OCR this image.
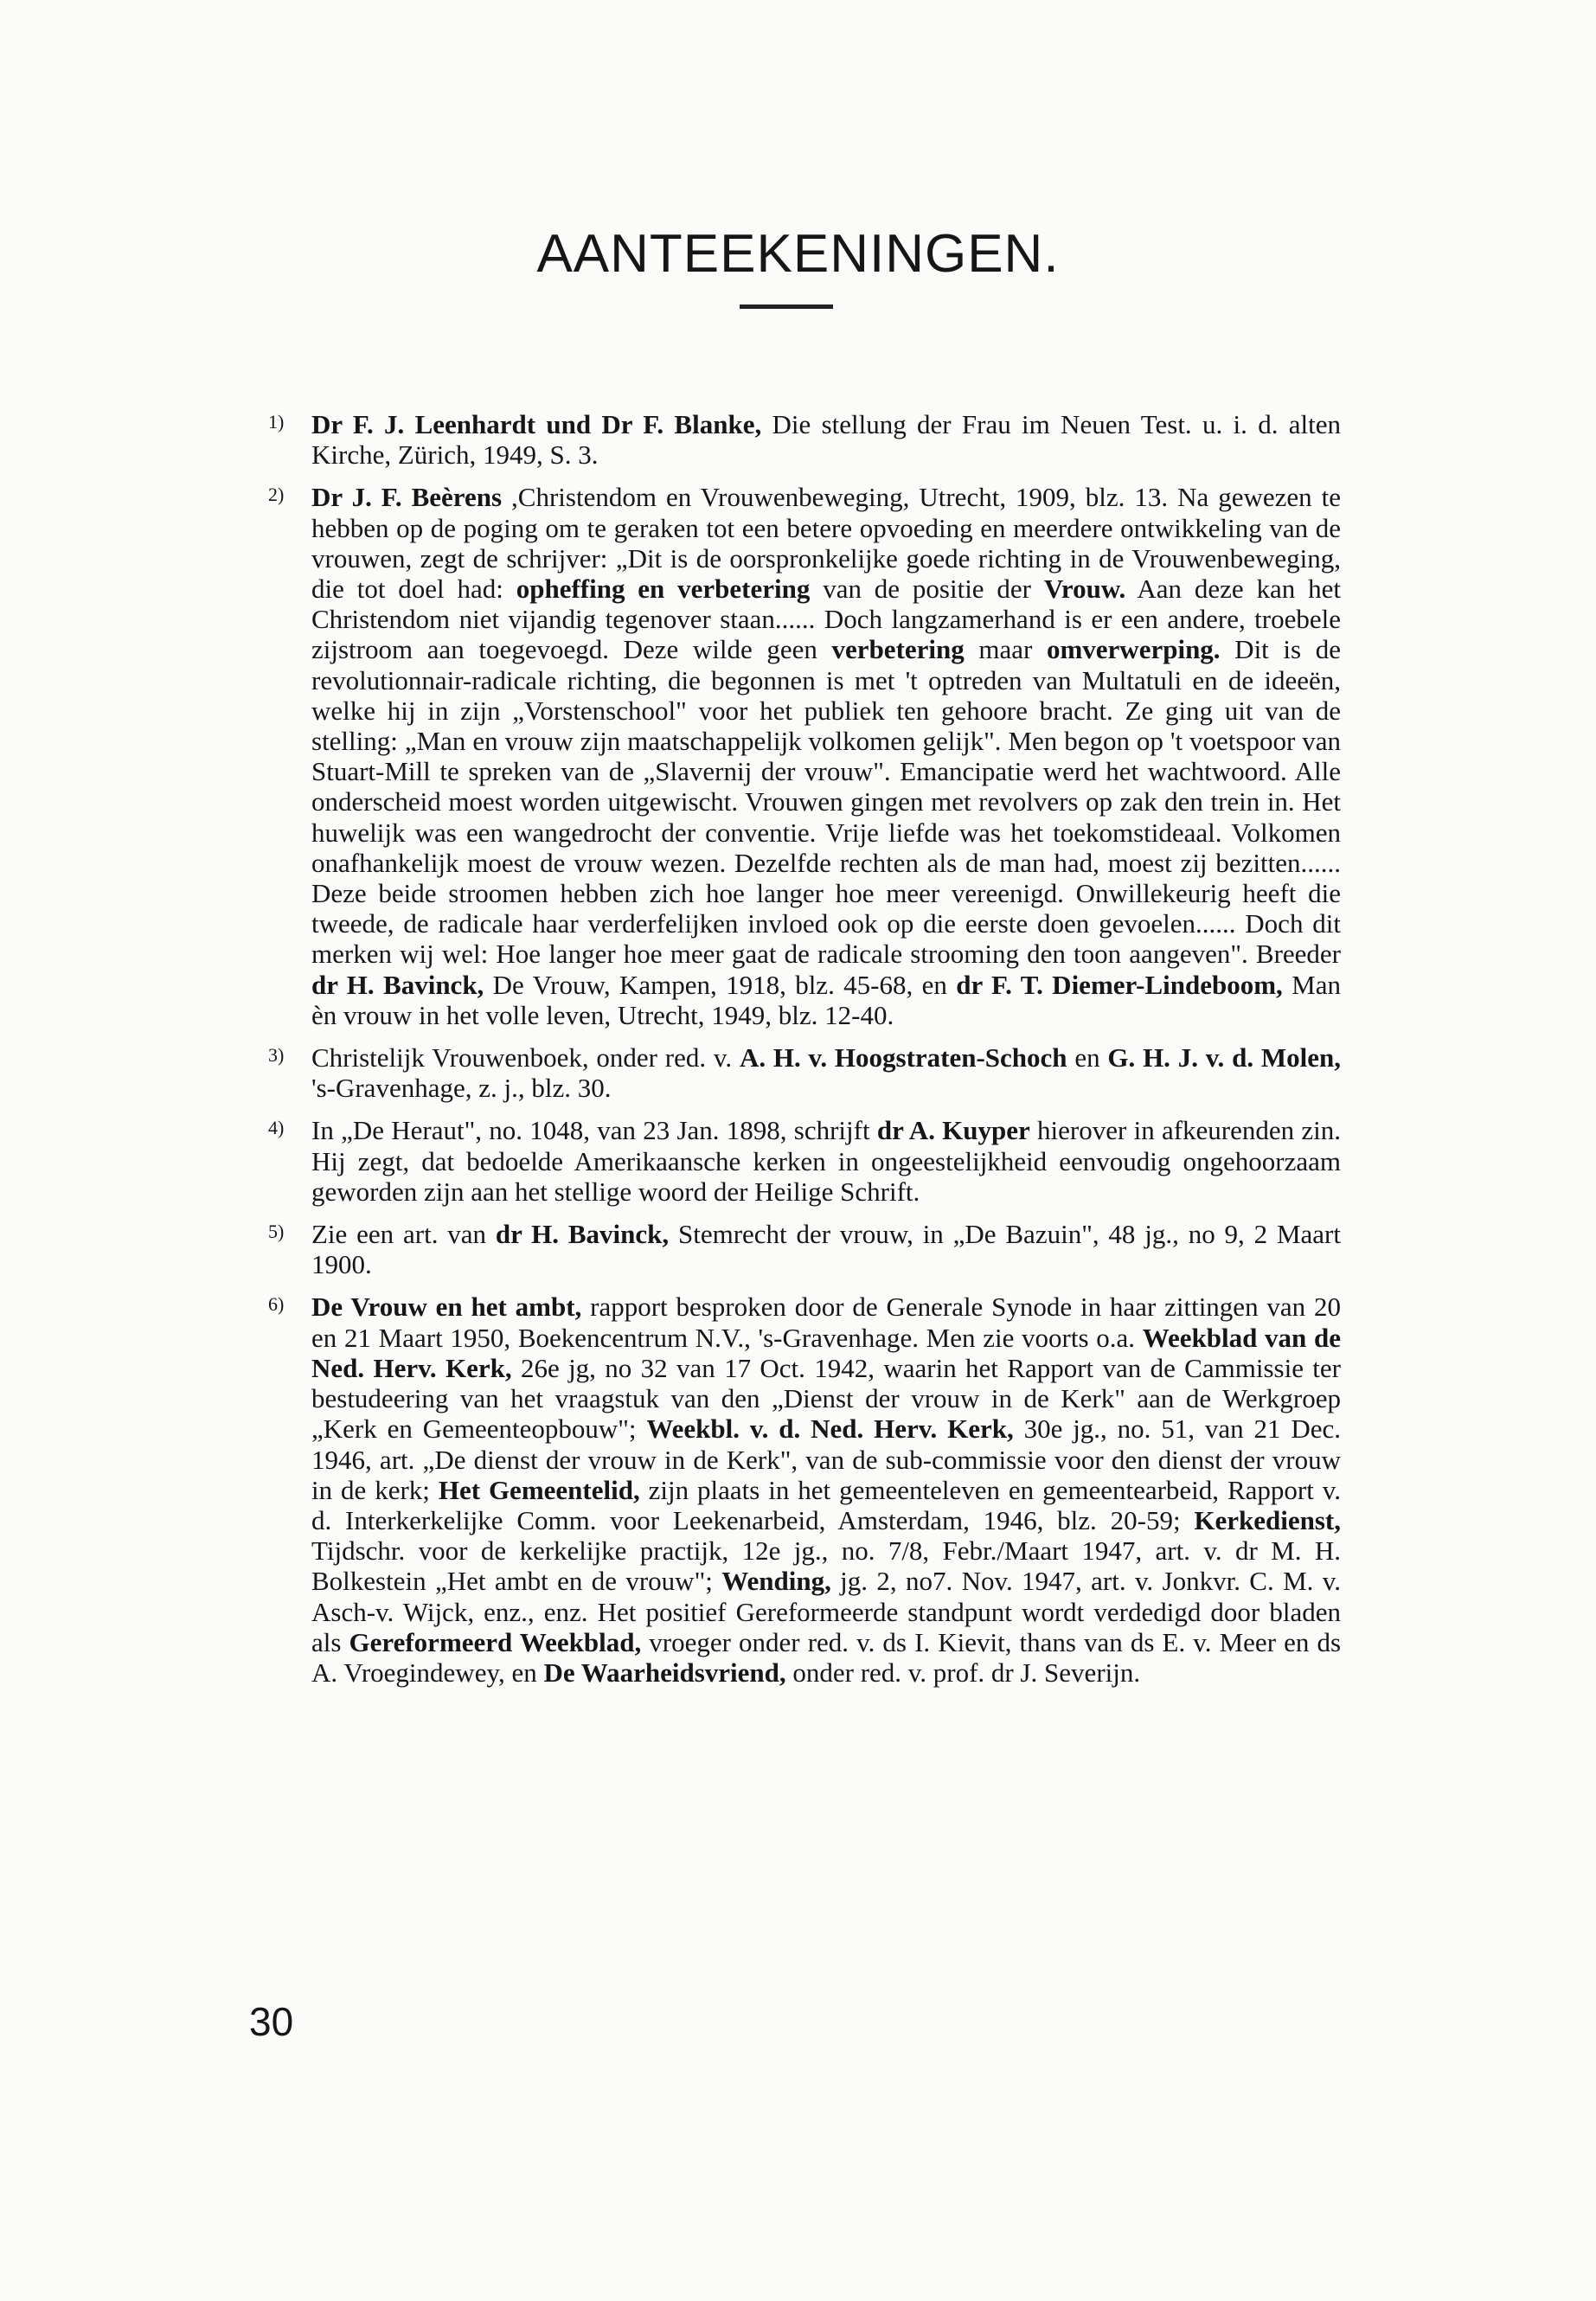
AANTEEKENINGEN.
1) Dr F. J. Leenhardt und Dr F. Blanke, Die stellung der Frau im Neuen Test. u. i. d. alten Kirche, Zürich, 1949, S. 3.
2) Dr J. F. Beèrens ,Christendom en Vrouwenbeweging, Utrecht, 1909, blz. 13. Na gewezen te hebben op de poging om te geraken tot een betere opvoeding en meerdere ontwikkeling van de vrouwen, zegt de schrijver: „Dit is de oorspronkelijke goede richting in de Vrouwenbeweging, die tot doel had: opheffing en verbetering van de positie der Vrouw. Aan deze kan het Christendom niet vijandig tegenover staan...... Doch langzamerhand is er een andere, troebele zijstroom aan toegevoegd. Deze wilde geen verbetering maar omverwerping. Dit is de revolutionnair-radicale richting, die begonnen is met 't optreden van Multatuli en de ideeën, welke hij in zijn „Vorstenschool" voor het publiek ten gehoore bracht. Ze ging uit van de stelling: „Man en vrouw zijn maatschappelijk volkomen gelijk". Men begon op 't voetspoor van Stuart-Mill te spreken van de „Slavernij der vrouw". Emancipatie werd het wachtwoord. Alle onderscheid moest worden uitgewischt. Vrouwen gingen met revolvers op zak den trein in. Het huwelijk was een wangedrocht der conventie. Vrije liefde was het toekomstideaal. Volkomen onafhankelijk moest de vrouw wezen. Dezelfde rechten als de man had, moest zij bezitten...... Deze beide stroomen hebben zich hoe langer hoe meer vereenigd. Onwillekeurig heeft die tweede, de radicale haar verderfelijken invloed ook op die eerste doen gevoelen...... Doch dit merken wij wel: Hoe langer hoe meer gaat de radicale strooming den toon aangeven". Breeder dr H. Bavinck, De Vrouw, Kampen, 1918, blz. 45-68, en dr F. T. Diemer-Lindeboom, Man èn vrouw in het volle leven, Utrecht, 1949, blz. 12-40.
3) Christelijk Vrouwenboek, onder red. v. A. H. v. Hoogstraten-Schoch en G. H. J. v. d. Molen, 's-Gravenhage, z. j., blz. 30.
4) In „De Heraut", no. 1048, van 23 Jan. 1898, schrijft dr A. Kuyper hierover in afkeurenden zin. Hij zegt, dat bedoelde Amerikaansche kerken in ongeestelijkheid eenvoudig ongehoorzaam geworden zijn aan het stellige woord der Heilige Schrift.
5) Zie een art. van dr H. Bavinck, Stemrecht der vrouw, in „De Bazuin", 48 jg., no 9, 2 Maart 1900.
6) De Vrouw en het ambt, rapport besproken door de Generale Synode in haar zittingen van 20 en 21 Maart 1950, Boekencentrum N.V., 's-Gravenhage. Men zie voorts o.a. Weekblad van de Ned. Herv. Kerk, 26e jg, no 32 van 17 Oct. 1942, waarin het Rapport van de Cammissie ter bestudeering van het vraagstuk van den „Dienst der vrouw in de Kerk" aan de Werkgroep „Kerk en Gemeenteopbouw"; Weekbl. v. d. Ned. Herv. Kerk, 30e jg., no. 51, van 21 Dec. 1946, art. „De dienst der vrouw in de Kerk", van de sub-commissie voor den dienst der vrouw in de kerk; Het Gemeentelid, zijn plaats in het gemeenteleven en gemeentearbeid, Rapport v. d. Interkerkelijke Comm. voor Leekenarbeid, Amsterdam, 1946, blz. 20-59; Kerkedienst, Tijdschr. voor de kerkelijke practijk, 12e jg., no. 7/8, Febr./Maart 1947, art. v. dr M. H. Bolkestein „Het ambt en de vrouw"; Wending, jg. 2, no7. Nov. 1947, art. v. Jonkvr. C. M. v. Asch-v. Wijck, enz., enz. Het positief Gereformeerde standpunt wordt verdedigd door bladen als Gereformeerd Weekblad, vroeger onder red. v. ds I. Kievit, thans van ds E. v. Meer en ds A. Vroegindewey, en De Waarheidsvriend, onder red. v. prof. dr J. Severijn.
30
